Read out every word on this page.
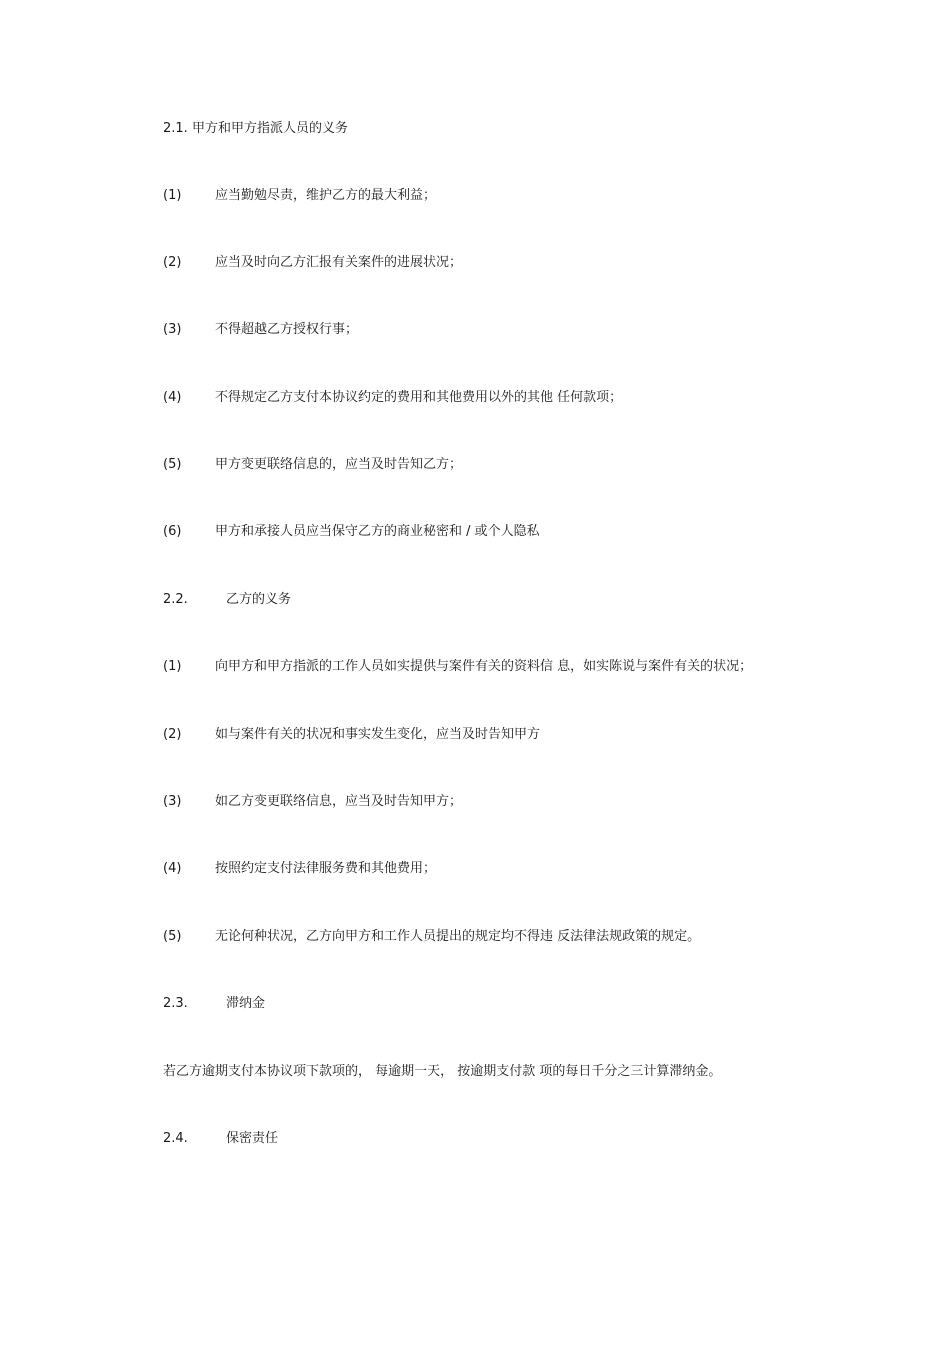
2.1. 甲方和甲方指派人员的义务
(1)	应当勤勉尽责，维护乙方的最大利益；
(2)	应当及时向乙方汇报有关案件的进展状况；
(3)	不得超越乙方授权行事；
(4)	不得规定乙方支付本协议约定的费用和其他费用以外的其他 任何款项；
(5)	甲方变更联络信息的，应当及时告知乙方；
(6)	甲方和承接人员应当保守乙方的商业秘密和 / 或个人隐私
2.2.	乙方的义务
(1)	向甲方和甲方指派的工作人员如实提供与案件有关的资料信 息，如实陈说与案件有关的状况；
(2)	如与案件有关的状况和事实发生变化，应当及时告知甲方
(3)	如乙方变更联络信息，应当及时告知甲方；
(4)	按照约定支付法律服务费和其他费用；
(5)	无论何种状况，乙方向甲方和工作人员提出的规定均不得违 反法律法规政策的规定。
2.3.	滞纳金
若乙方逾期支付本协议项下款项的， 每逾期一天， 按逾期支付款 项的每日千分之三计算滞纳金。
2.4.	保密责任
